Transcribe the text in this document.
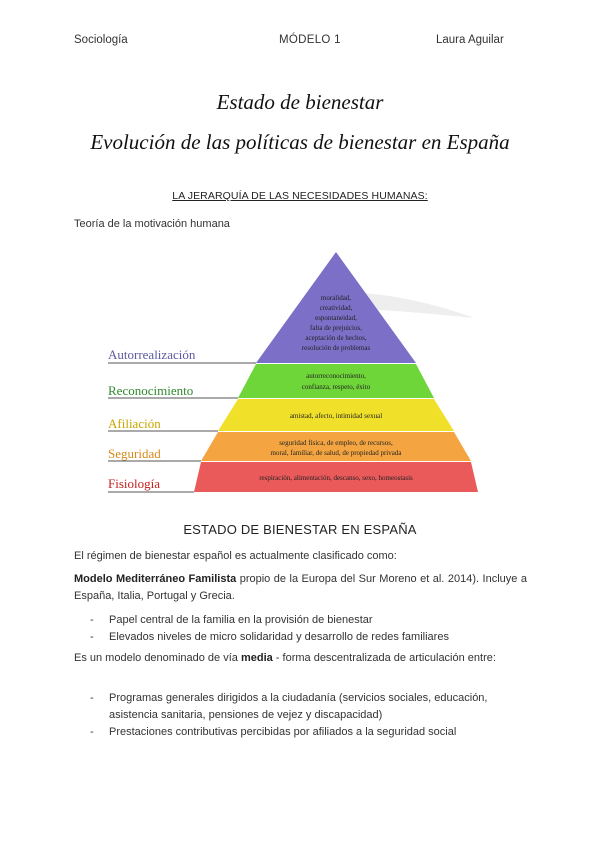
Sociología	MÓDELO 1	Laura Aguilar
Estado de bienestar
Evolución de las políticas de bienestar en España
LA JERARQUÍA DE LAS NECESIDADES HUMANAS:
Teoría de la motivación humana
Autorrealización
Reconocimiento
Afiliación
Seguridad
Fisiología
moralidad,
creatividad,
espontaneidad,
falta de prejuicios,
aceptación de hechos,
resolución de problemas
autorreconocimiento,
confianza, respeto, éxito
amistad, afecto, intimidad sexual
seguridad física, de empleo, de recursos,
moral, familiar, de salud, de propiedad privada
respiración, alimentación, descanso, sexo, homeostasis
ESTADO DE BIENESTAR EN ESPAÑA
El régimen de bienestar español es actualmente clasificado como:
Modelo Mediterráneo Familista propio de la Europa del Sur Moreno et al. 2014). Incluye a España, Italia, Portugal y Grecia.
- Papel central de la familia en la provisión de bienestar
- Elevados niveles de micro solidaridad y desarrollo de redes familiares
Es un modelo denominado de vía media - forma descentralizada de articulación entre:
- Programas generales dirigidos a la ciudadanía (servicios sociales, educación, asistencia sanitaria, pensiones de vejez y discapacidad)
- Prestaciones contributivas percibidas por afiliados a la seguridad social
